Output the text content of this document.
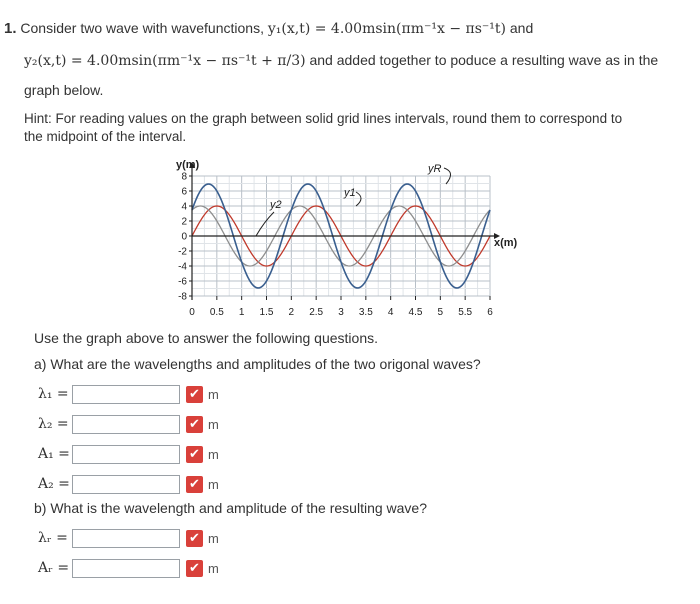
1. Consider two wave with wavefunctions, y₁(x,t) = 4.00msin(πm⁻¹x − πs⁻¹t) and
y₂(x,t) = 4.00msin(πm⁻¹x − πs⁻¹t + π/3) and added together to poduce a resulting wave as in the
graph below.
Hint: For reading values on the graph between solid grid lines intervals, round them to correspond to
the midpoint of the interval.
8
6
4
2
0
-2
-4
-6
-8
0 0.5 1 1.5 2 2.5 3 3.5 4 4.5 5 5.5 6
y(m)
x(m)
yR
y1
y2
Use the graph above to answer the following questions.
a) What are the wavelengths and amplitudes of the two origonal waves?
λ₁ =	✔ m
λ₂ =	✔ m
A₁ =	✔ m
A₂ =	✔ m
b) What is the wavelength and amplitude of the resulting wave?
λᵣ =	✔ m
Aᵣ =	✔ m
